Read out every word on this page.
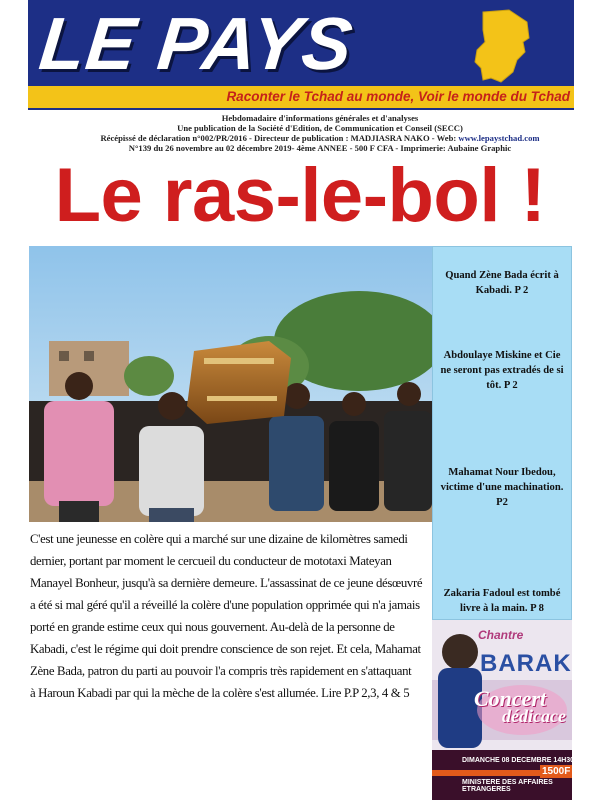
LE PAYS
Raconter le Tchad au monde, Voir le monde du Tchad
Hebdomadaire d'informations générales et d'analyses
Une publication de la Société d'Edition, de Communication et Conseil (SECC)
Récépissé de déclaration n°002/PR/2016 - Directeur de publication : MADJIASRA NAKO - Web: www.lepaystchad.com
N°139 du 26 novembre au 02 décembre 2019- 4ème ANNEE - 500 F CFA - Imprimerie: Aubaine Graphic
Le ras-le-bol !
C'est une jeunesse en colère qui a marché sur une dizaine de kilomètres samedi
dernier, portant par moment le cercueil du conducteur de mototaxi Mateyan
Manayel Bonheur, jusqu'à sa dernière demeure. L'assassinat de ce jeune désœuvré
a été si mal géré qu'il a réveillé la colère d'une population opprimée qui n'a jamais
porté en grande estime ceux qui nous gouvernent. Au-delà de la personne de
Kabadi, c'est le régime qui doit prendre conscience de son rejet. Et cela, Mahamat
Zène Bada, patron du parti au pouvoir l'a compris très rapidement en s'attaquant
à Haroun Kabadi par qui la mèche de la colère s'est allumée. Lire P.P 2,3, 4 & 5
Quand Zène Bada écrit à Kabadi. P 2
Abdoulaye Miskine et Cie ne seront pas extradés de si tôt. P 2
Mahamat Nour Ibedou, victime d'une machination. P2
Zakaria Fadoul est tombé livre à la main. P 8
Chantre
BARAK
Concert
dédicace
DIMANCHE 08 DECEMBRE 14H30
MINISTERE DES AFFAIRES ETRANGERES
1500F
